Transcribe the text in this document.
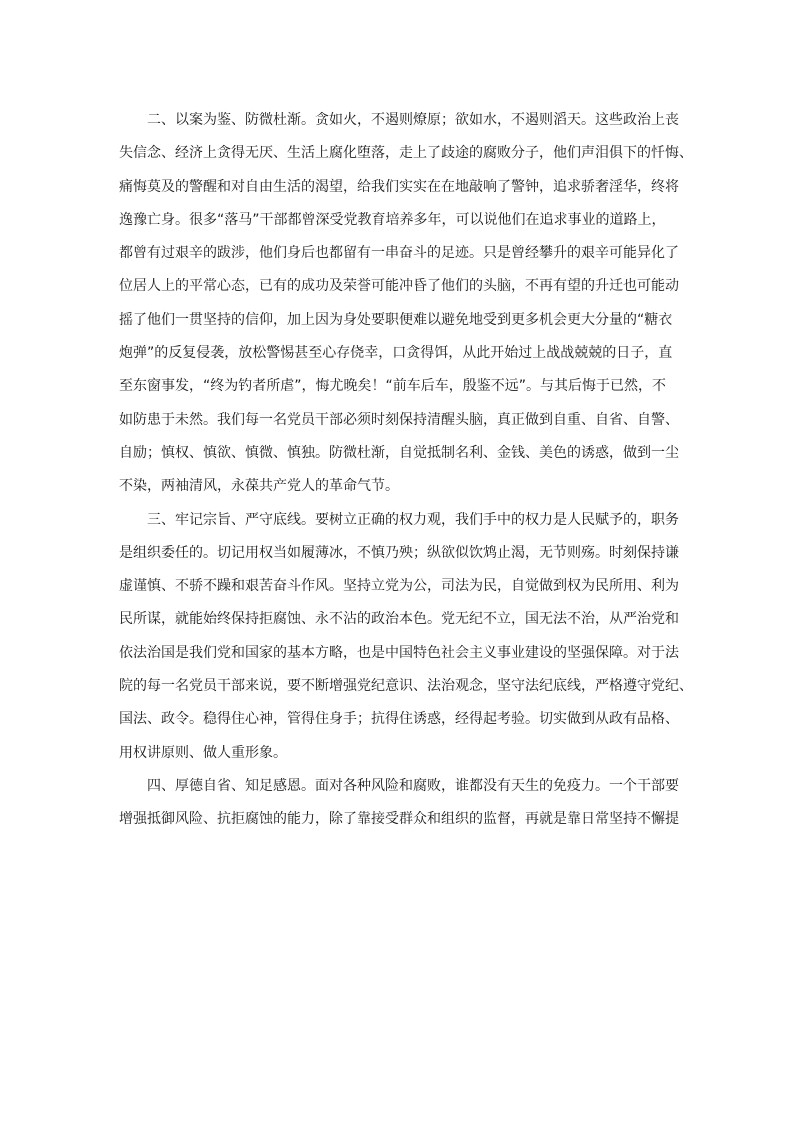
二、以案为鉴、防微杜渐。贪如火，不遏则燎原；欲如水，不遏则滔天。这些政治上丧
失信念、经济上贪得无厌、生活上腐化堕落，走上了歧途的腐败分子，他们声泪俱下的忏悔、
痛悔莫及的警醒和对自由生活的渴望，给我们实实在在地敲响了警钟，追求骄奢淫华，终将
逸豫亡身。很多“落马”干部都曾深受党教育培养多年，可以说他们在追求事业的道路上，
都曾有过艰辛的跋涉，他们身后也都留有一串奋斗的足迹。只是曾经攀升的艰辛可能异化了
位居人上的平常心态，已有的成功及荣誉可能冲昏了他们的头脑，不再有望的升迁也可能动
摇了他们一贯坚持的信仰，加上因为身处要职便难以避免地受到更多机会更大分量的“糖衣
炮弹”的反复侵袭，放松警惕甚至心存侥幸，口贪得饵，从此开始过上战战兢兢的日子，直
至东窗事发，“终为钓者所虐”，悔尤晚矣！“前车后车，殷鉴不远”。与其后悔于已然，不
如防患于未然。我们每一名党员干部必须时刻保持清醒头脑，真正做到自重、自省、自警、
自励；慎权、慎欲、慎微、慎独。防微杜渐，自觉抵制名利、金钱、美色的诱惑，做到一尘
不染，两袖清风，永葆共产党人的革命气节。
三、牢记宗旨、严守底线。要树立正确的权力观，我们手中的权力是人民赋予的，职务
是组织委任的。切记用权当如履薄冰，不慎乃殃；纵欲似饮鸩止渴，无节则殇。时刻保持谦
虚谨慎、不骄不躁和艰苦奋斗作风。坚持立党为公，司法为民，自觉做到权为民所用、利为
民所谋，就能始终保持拒腐蚀、永不沾的政治本色。党无纪不立，国无法不治，从严治党和
依法治国是我们党和国家的基本方略，也是中国特色社会主义事业建设的坚强保障。对于法
院的每一名党员干部来说，要不断增强党纪意识、法治观念，坚守法纪底线，严格遵守党纪、
国法、政令。稳得住心神，管得住身手；抗得住诱惑，经得起考验。切实做到从政有品格、
用权讲原则、做人重形象。
四、厚德自省、知足感恩。面对各种风险和腐败，谁都没有天生的免疫力。一个干部要
增强抵御风险、抗拒腐蚀的能力，除了靠接受群众和组织的监督，再就是靠日常坚持不懈提
